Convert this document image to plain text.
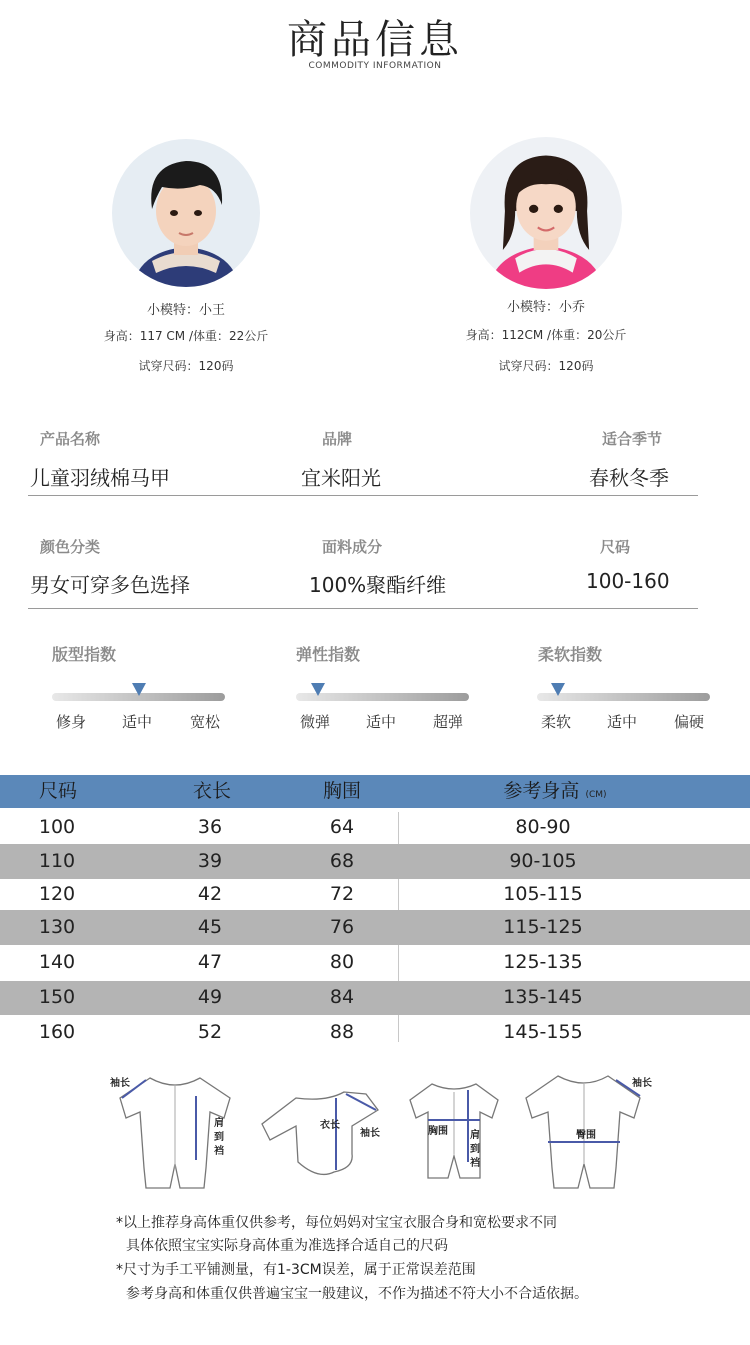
商品信息
COMMODITY INFORMATION
小模特：小王
身高：117 CM /体重：22公斤
试穿尺码：120码
小模特：小乔
身高：112CM /体重：20公斤
试穿尺码：120码
产品名称	品牌	适合季节
儿童羽绒棉马甲	宜米阳光	春秋冬季
颜色分类	面料成分	尺码
男女可穿多色选择	100%聚酯纤维	100-160
版型指数
修身 适中	宽松
弹性指数
微弹 适中 超弹
柔软指数
柔软 适中 偏硬
尺码	衣长	胸围	参考身高 (CM)
100	36	64	80-90
110	39	68	90-105
120	42	72	105-115
130	45	76	115-125
140	47	80	125-135
150	49	84	135-145
160	52	88	145-155
袖长
肩
到
裆
衣长
袖长	胸围 肩
到
裆
臀围
袖长
*以上推荐身高体重仅供参考，每位妈妈对宝宝衣服合身和宽松要求不同
具体依照宝宝实际身高体重为准选择合适自己的尺码
*尺寸为手工平铺测量，有1-3CM误差，属于正常误差范围
参考身高和体重仅供普遍宝宝一般建议，不作为描述不符大小不合适依据。
